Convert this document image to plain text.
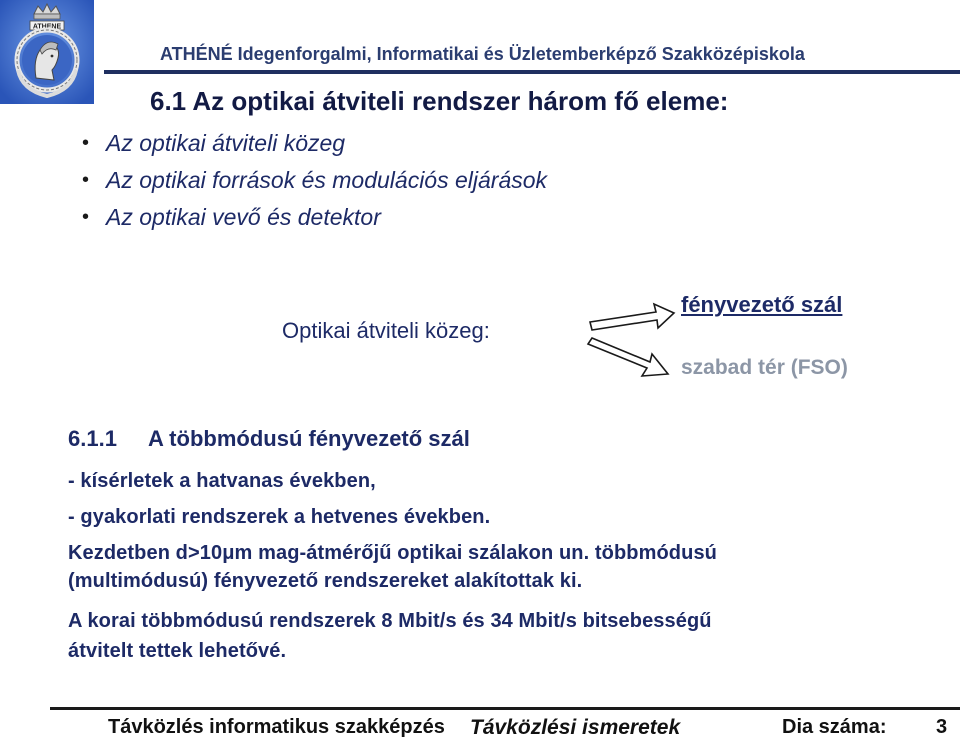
ATHENE
ATHÉNÉ Idegenforgalmi, Informatikai és Üzletemberképző Szakközépiskola
6.1 Az optikai átviteli rendszer három fő eleme:
• Az optikai átviteli közeg
• Az optikai források és modulációs eljárások
• Az optikai vevő és detektor
Optikai átviteli közeg:
fényvezető szál
szabad tér (FSO)
6.1.1 A többmódusú fényvezető szál
- kísérletek a hatvanas években,
- gyakorlati rendszerek a hetvenes években.
Kezdetben d>10μm mag-átmérőjű optikai szálakon un. többmódusú
(multimódusú) fényvezető rendszereket alakítottak ki.
A korai többmódusú rendszerek 8 Mbit/s és 34 Mbit/s bitsebességű
átvitelt tettek lehetővé.
Távközlés informatikus szakképzés Távközlési ismeretek	Dia száma: 3
